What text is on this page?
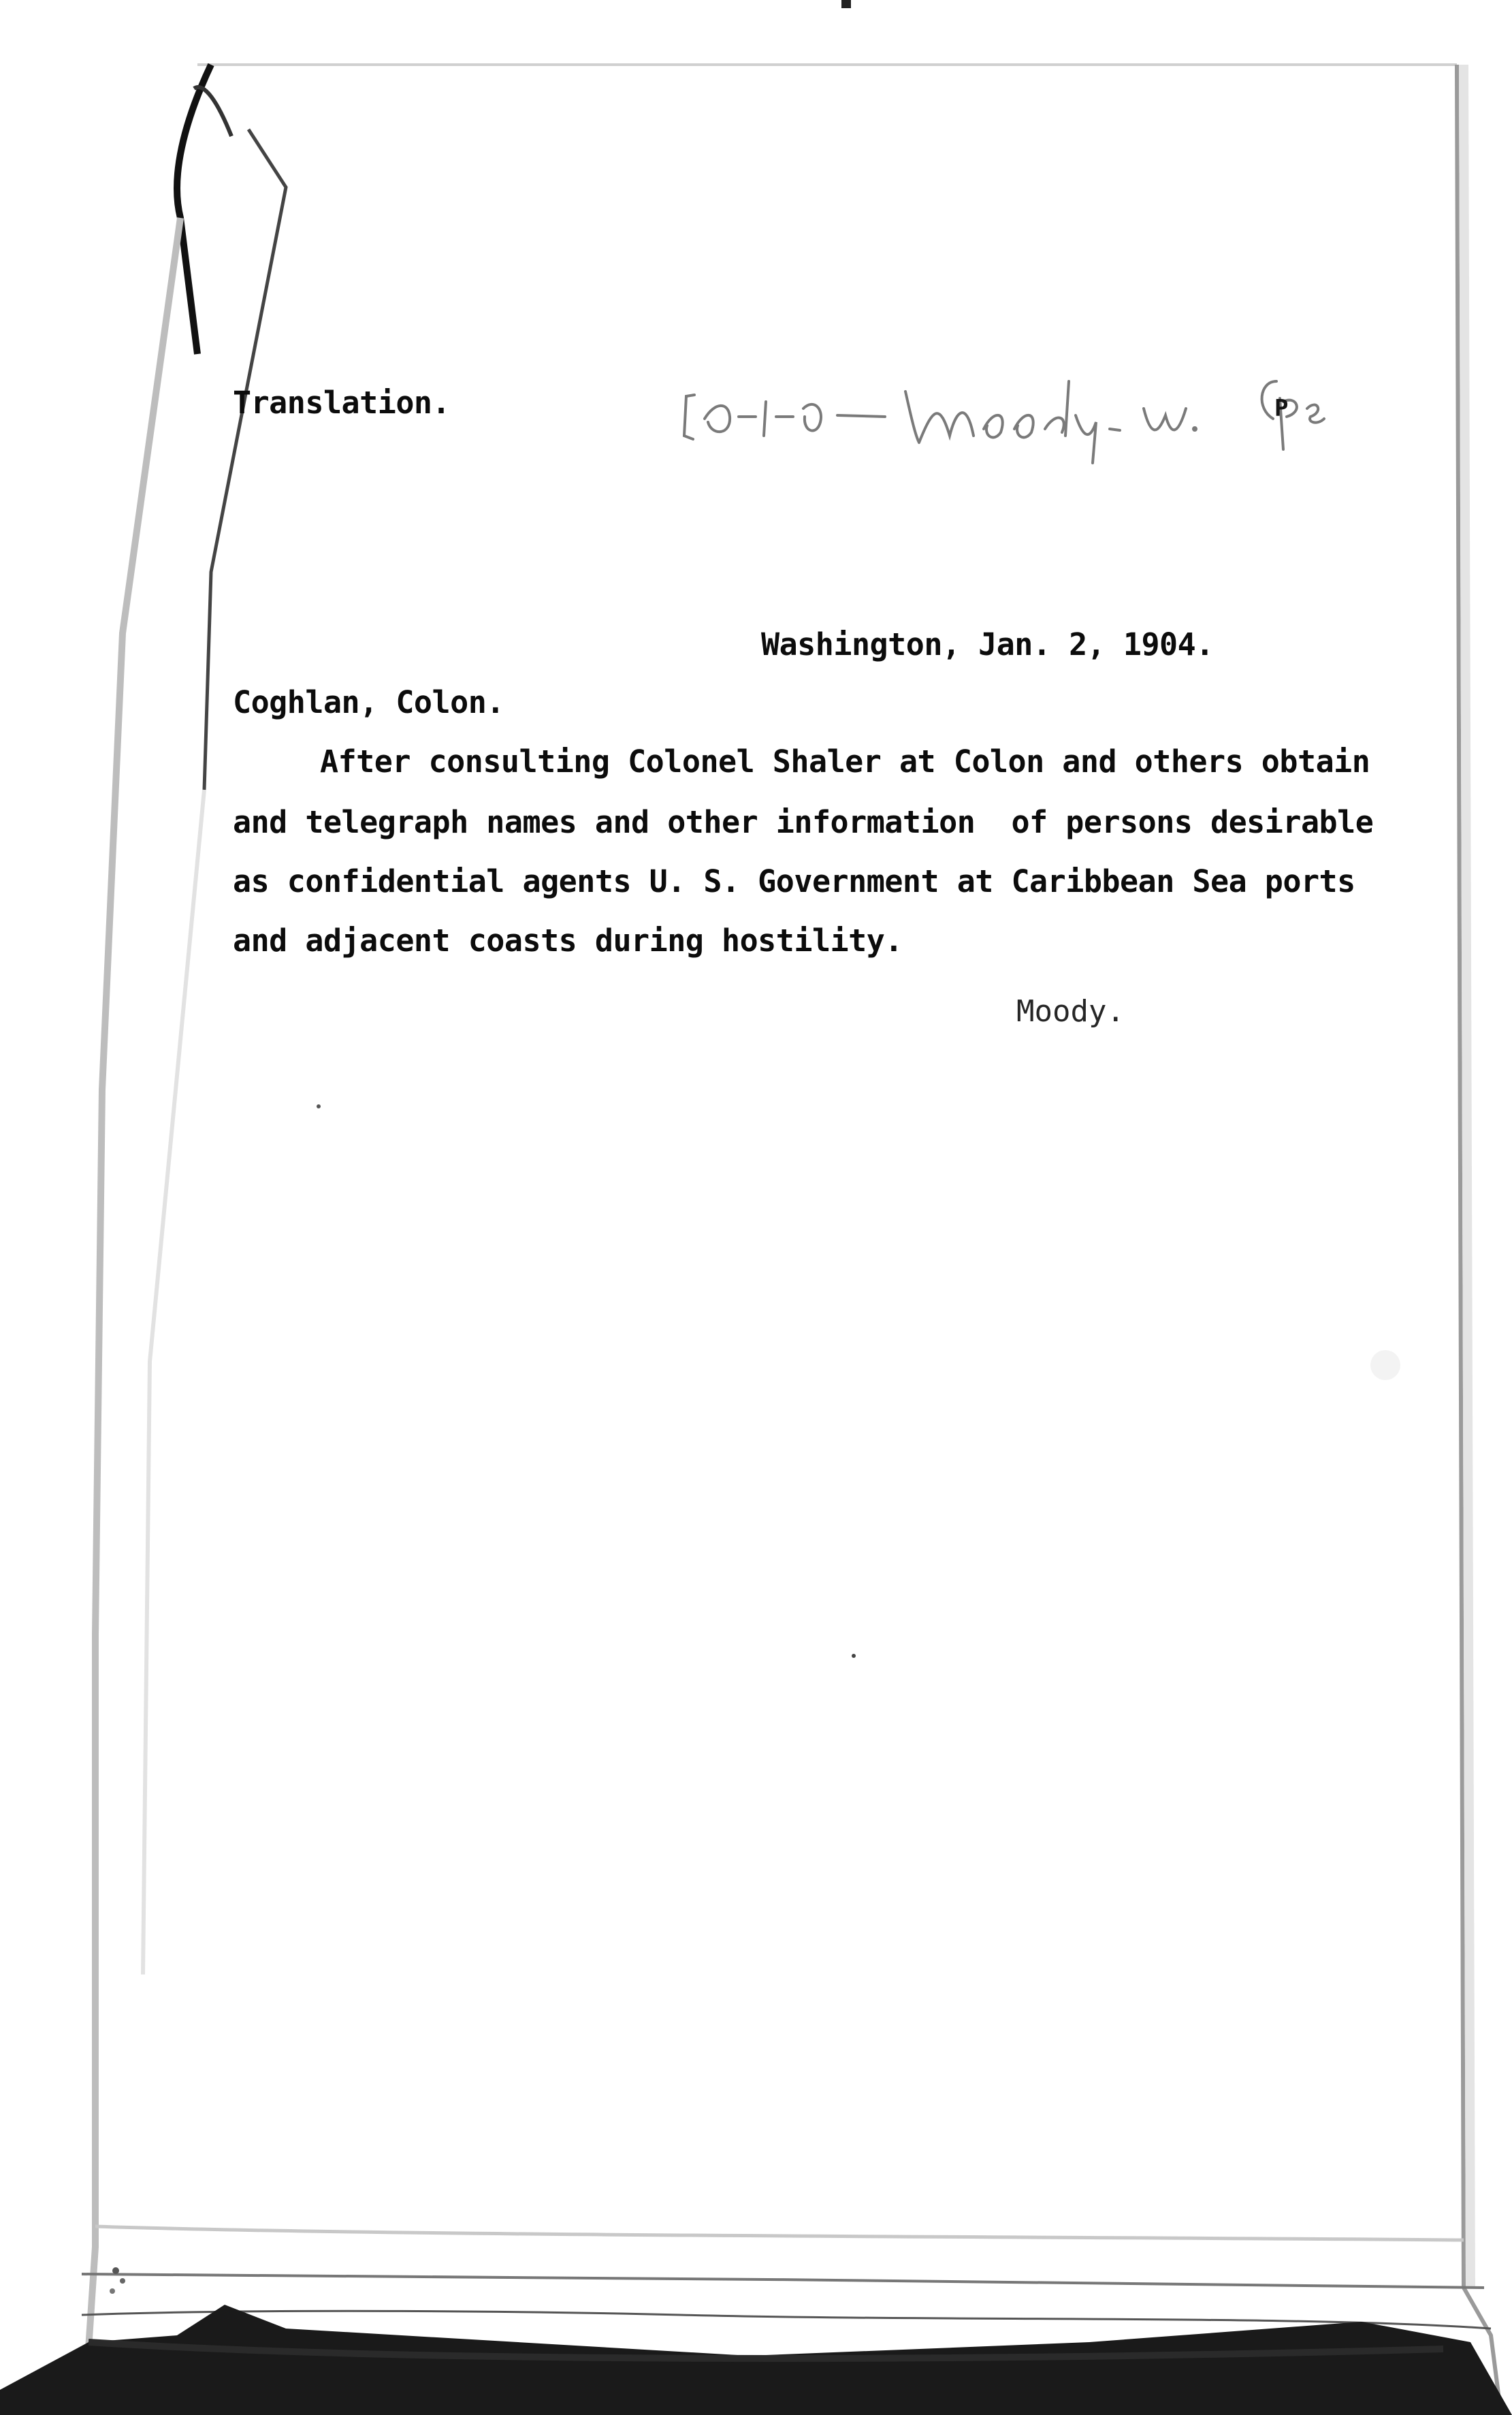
Translation.	P
Washington, Jan. 2, 1904.
Coghlan, Colon.
After consulting Colonel Shaler at Colon and others obtain
and telegraph names and other information  of persons desirable
as confidential agents U. S. Government at Caribbean Sea ports
and adjacent coasts during hostility.
Moody.
